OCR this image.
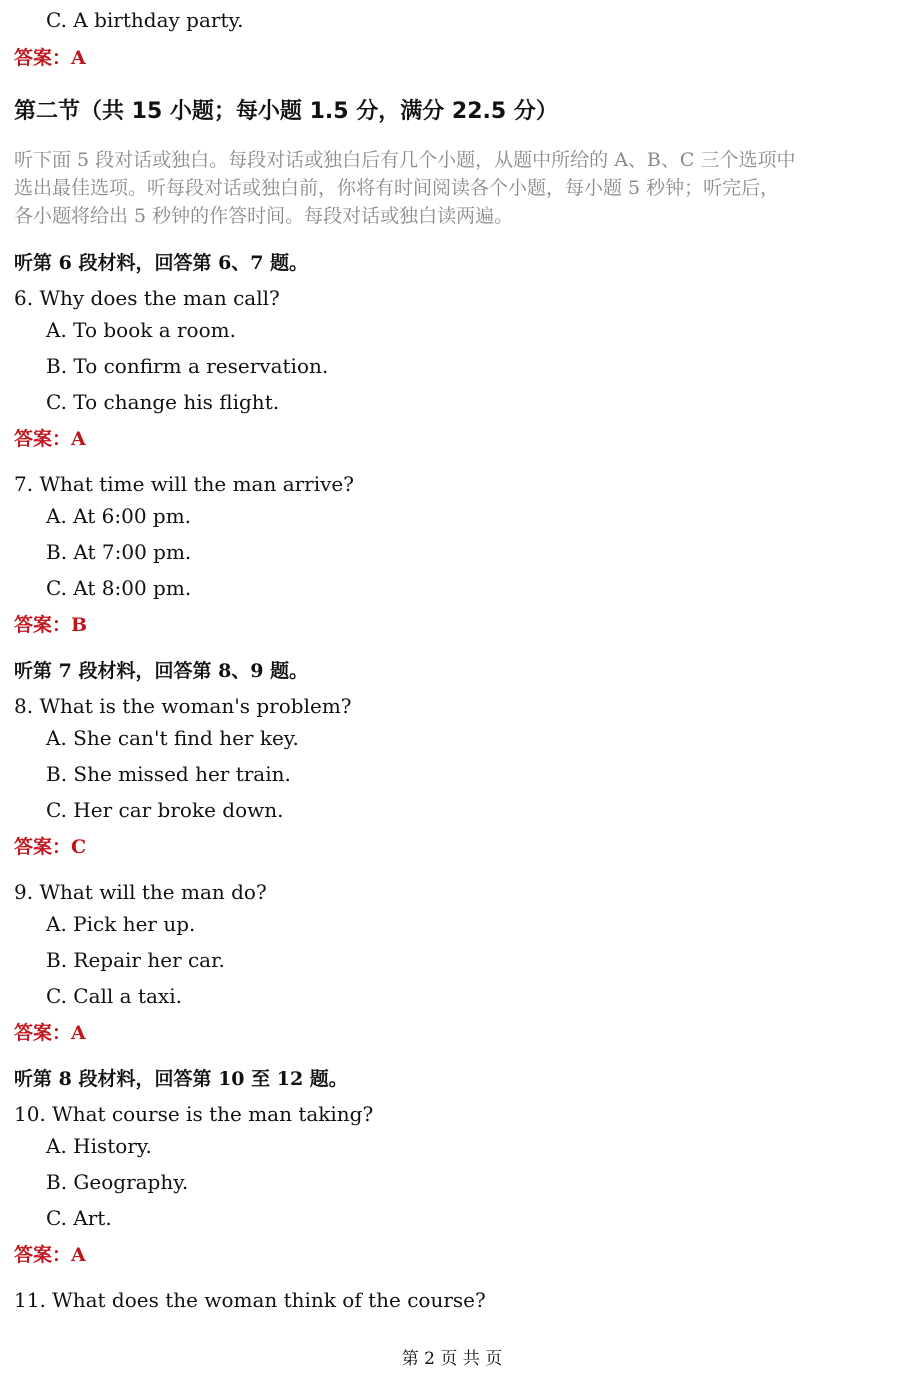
C. A birthday party.
答案：A
第二节（共 15 小题；每小题 1.5 分，满分 22.5 分）
听下面 5 段对话或独白。每段对话或独白后有几个小题，从题中所给的 A、B、C 三个选项中
选出最佳选项。听每段对话或独白前，你将有时间阅读各个小题，每小题 5 秒钟；听完后，
各小题将给出 5 秒钟的作答时间。每段对话或独白读两遍。
听第 6 段材料，回答第 6、7 题。
6. Why does the man call?
A. To book a room.
B. To confirm a reservation.
C. To change his flight.
答案：A
7. What time will the man arrive?
A. At 6:00 pm.
B. At 7:00 pm.
C. At 8:00 pm.
答案：B
听第 7 段材料，回答第 8、9 题。
8. What is the woman's problem?
A. She can't find her key.
B. She missed her train.
C. Her car broke down.
答案：C
9. What will the man do?
A. Pick her up.
B. Repair her car.
C. Call a taxi.
答案：A
听第 8 段材料，回答第 10 至 12 题。
10. What course is the man taking?
A. History.
B. Geography.
C. Art.
答案：A
11. What does the woman think of the course?
第 2 页 共 页
